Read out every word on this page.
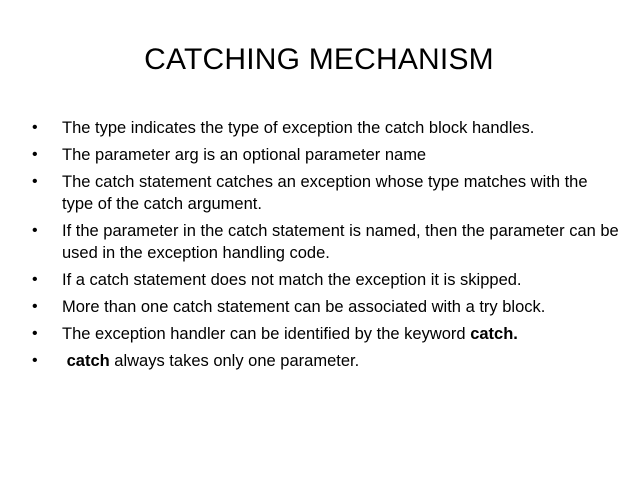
CATCHING MECHANISM
•	The type indicates the type of exception the catch block handles.
•	The parameter arg is an optional parameter name
•	The catch statement catches an exception whose type matches with the type of the catch argument.
•	If the parameter in the catch statement is named, then the parameter can be used in the exception handling code.
•	If a catch statement does not match the exception it is skipped.
•	More than one catch statement can be associated with a try block.
•	The exception handler can be identified by the keyword catch.
•	catch always takes only one parameter.
